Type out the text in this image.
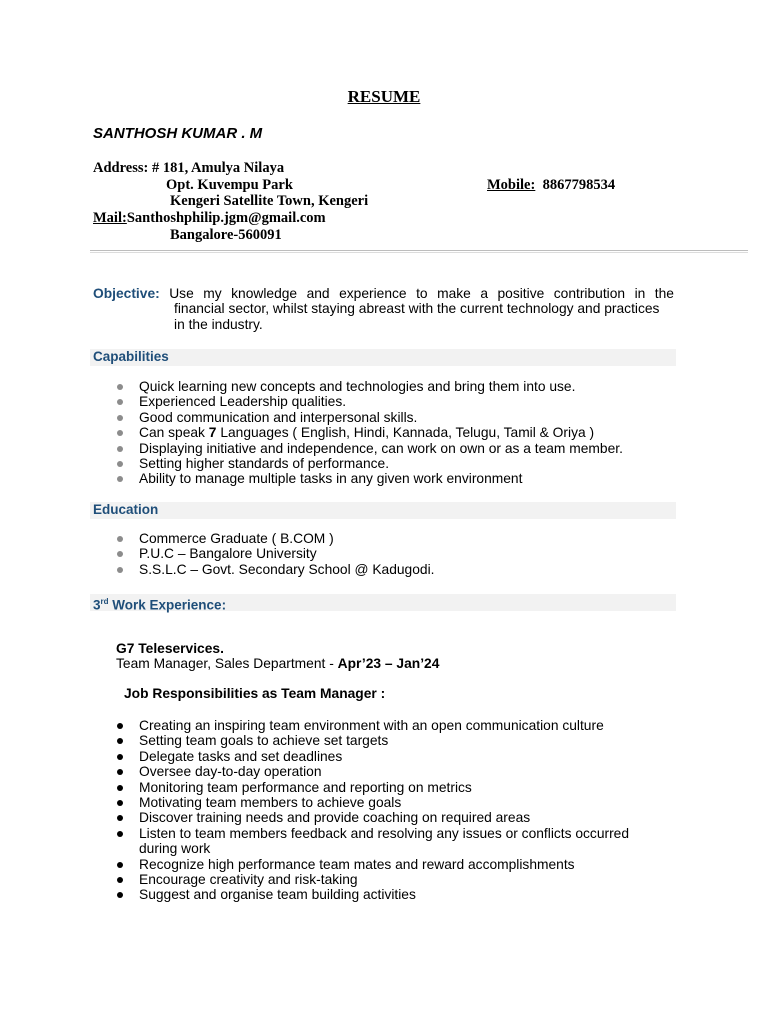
RESUME
SANTHOSH KUMAR . M
Address: # 181, Amulya Nilaya
Opt. Kuvempu Park	Mobile: 8867798534
Kengeri Satellite Town, Kengeri
Mail:Santhoshphilip.jgm@gmail.com
Bangalore-560091
Objective: Use my knowledge and experience to make a positive contribution in the
financial sector, whilst staying abreast with the current technology and practices
in the industry.
Capabilities
Quick learning new concepts and technologies and bring them into use.
Experienced Leadership qualities.
Good communication and interpersonal skills.
Can speak 7 Languages ( English, Hindi, Kannada, Telugu, Tamil & Oriya )
Displaying initiative and independence, can work on own or as a team member.
Setting higher standards of performance.
Ability to manage multiple tasks in any given work environment
Education
Commerce Graduate ( B.COM )
P.U.C – Bangalore University
S.S.L.C – Govt. Secondary School @ Kadugodi.
3rd Work Experience:
G7 Teleservices.
Team Manager, Sales Department - Apr’23 – Jan’24
Job Responsibilities as Team Manager :
Creating an inspiring team environment with an open communication culture
Setting team goals to achieve set targets
Delegate tasks and set deadlines
Oversee day-to-day operation
Monitoring team performance and reporting on metrics
Motivating team members to achieve goals
Discover training needs and provide coaching on required areas
Listen to team members feedback and resolving any issues or conflicts occurred during work
Recognize high performance team mates and reward accomplishments
Encourage creativity and risk-taking
Suggest and organise team building activities
